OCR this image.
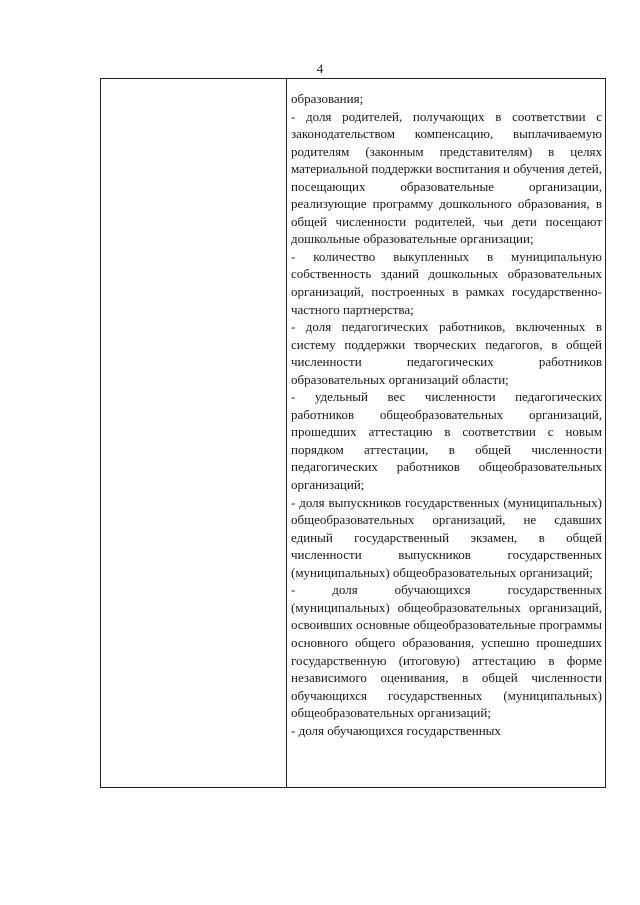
4

образования;

- доля родителей, получающих в соответствии с законодательством компенсацию, выплачиваемую родителям (законным представителям) в целях материальной поддержки воспитания и обучения детей, посещающих образовательные организации, реализующие программу дошкольного образования, в общей численности родителей, чьи дети посещают дошкольные образовательные организации;

- количество выкупленных в муниципальную собственность зданий дошкольных образовательных организаций, построенных в рамках государственно-частного партнерства;

- доля педагогических работников, включенных в систему поддержки творческих педагогов, в общей численности педагогических работников образовательных организаций области;

- удельный вес численности педагогических работников общеобразовательных организаций, прошедших аттестацию в соответствии с новым порядком аттестации, в общей численности педагогических работников общеобразовательных организаций;

- доля выпускников государственных (муниципальных) общеобразовательных организаций, не сдавших единый государственный экзамен, в общей численности выпускников государственных (муниципальных) общеобразовательных организаций;

- доля обучающихся государственных (муниципальных) общеобразовательных организаций, освоивших основные общеобразовательные программы основного общего образования, успешно прошедших государственную (итоговую) аттестацию в форме независимого оценивания, в общей численности обучающихся государственных (муниципальных) общеобразовательных организаций;

- доля обучающихся государственных
